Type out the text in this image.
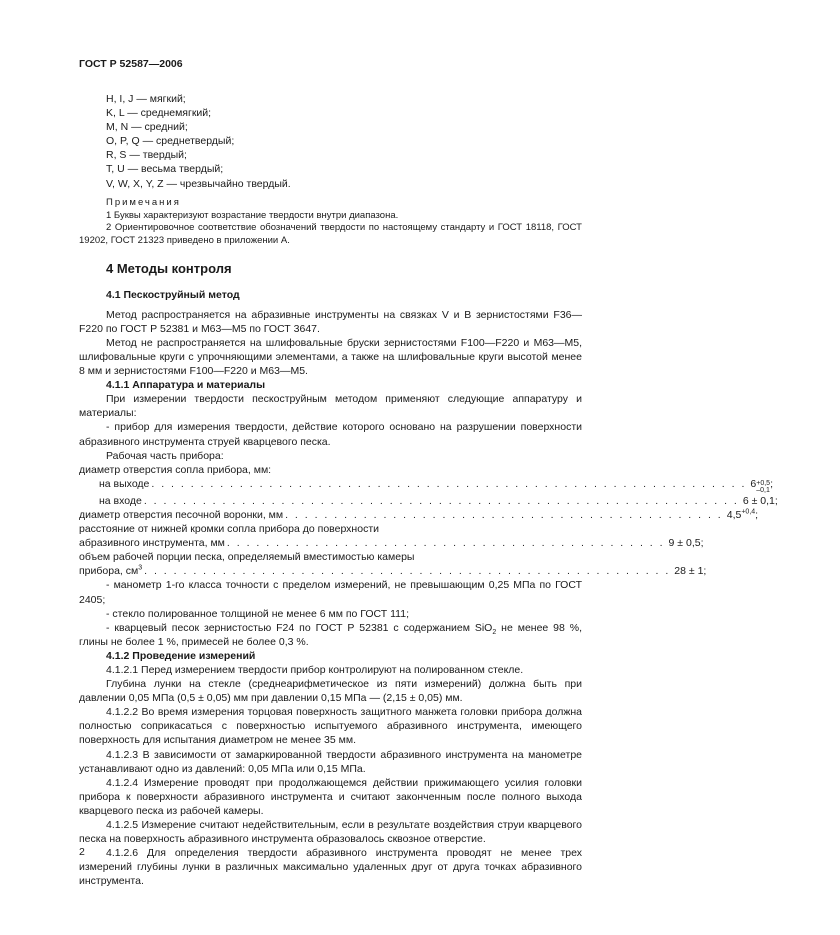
ГОСТ Р 52587—2006
H, I, J — мягкий;
K, L — среднемягкий;
M, N — средний;
O, P, Q — среднетвердый;
R, S — твердый;
T, U — весьма твердый;
V, W, X, Y, Z — чрезвычайно твердый.
Примечания
1 Буквы характеризуют возрастание твердости внутри диапазона.
2 Ориентировочное соответствие обозначений твердости по настоящему стандарту и ГОСТ 18118, ГОСТ 19202, ГОСТ 21323 приведено в приложении А.
4 Методы контроля
4.1 Пескоструйный метод
Метод распространяется на абразивные инструменты на связках V и B зернистостями F36—F220 по ГОСТ Р 52381 и M63—M5 по ГОСТ 3647.
Метод не распространяется на шлифовальные бруски зернистостями F100—F220 и M63—M5, шлифовальные круги с упрочняющими элементами, а также на шлифовальные круги высотой менее 8 мм и зернистостями F100—F220 и M63—M5.
4.1.1 Аппаратура и материалы
При измерении твердости пескоструйным методом применяют следующие аппаратуру и материалы:
- прибор для измерения твердости, действие которого основано на разрушении поверхности абразивного инструмента струей кварцевого песка.
Рабочая часть прибора:
диаметр отверстия сопла прибора, мм:
на выходе . . . . . . . . . . . . . . . . . . . . . . . . . . . . . . . . . . . . . . . . . . . . . . . . . . . . . . . . . . . . . 6 +0,5
–0,1
;
на входе . . . . . . . . . . . . . . . . . . . . . . . . . . . . . . . . . . . . . . . . . . . . . . . . . . . . . . . . . . . . . 6 ± 0,1;
диаметр отверстия песочной воронки, мм . . . . . . . . . . . . . . . . . . . . . . . . . . . . . . . . . . . . . . . . . . . . . $4,5^{+0,4}$;
расстояние от нижней кромки сопла прибора до поверхности
абразивного инструмента, мм . . . . . . . . . . . . . . . . . . . . . . . . . . . . . . . . . . . . . . . . . . . . . 9 ± 0,5;
объем рабочей порции песка, определяемый вместимостью камеры
прибора, $см^3$ . . . . . . . . . . . . . . . . . . . . . . . . . . . . . . . . . . . . . . . . . . . . . . . . . . . . . . 28 ± 1;
- манометр 1-го класса точности с пределом измерений, не превышающим 0,25 МПа по ГОСТ 2405;
- стекло полированное толщиной не менее 6 мм по ГОСТ 111;
- кварцевый песок зернистостью F24 по ГОСТ Р 52381 с содержанием SiO$_2$ не менее 98 %, глины не более 1 %, примесей не более 0,3 %.
4.1.2 Проведение измерений
4.1.2.1 Перед измерением твердости прибор контролируют на полированном стекле.
Глубина лунки на стекле (среднеарифметическое из пяти измерений) должна быть при давлении 0,05 МПа (0,5 ± 0,05) мм при давлении 0,15 МПа — (2,15 ± 0,05) мм.
4.1.2.2 Во время измерения торцовая поверхность защитного манжета головки прибора должна полностью соприкасаться с поверхностью испытуемого абразивного инструмента, имеющего поверхность для испытания диаметром не менее 35 мм.
4.1.2.3 В зависимости от замаркированной твердости абразивного инструмента на манометре устанавливают одно из давлений: 0,05 МПа или 0,15 МПа.
4.1.2.4 Измерение проводят при продолжающемся действии прижимающего усилия головки прибора к поверхности абразивного инструмента и считают законченным после полного выхода кварцевого песка из рабочей камеры.
4.1.2.5 Измерение считают недействительным, если в результате воздействия струи кварцевого песка на поверхность абразивного инструмента образовалось сквозное отверстие.
4.1.2.6 Для определения твердости абразивного инструмента проводят не менее трех измерений глубины лунки в различных максимально удаленных друг от друга точках абразивного инструмента.
2
